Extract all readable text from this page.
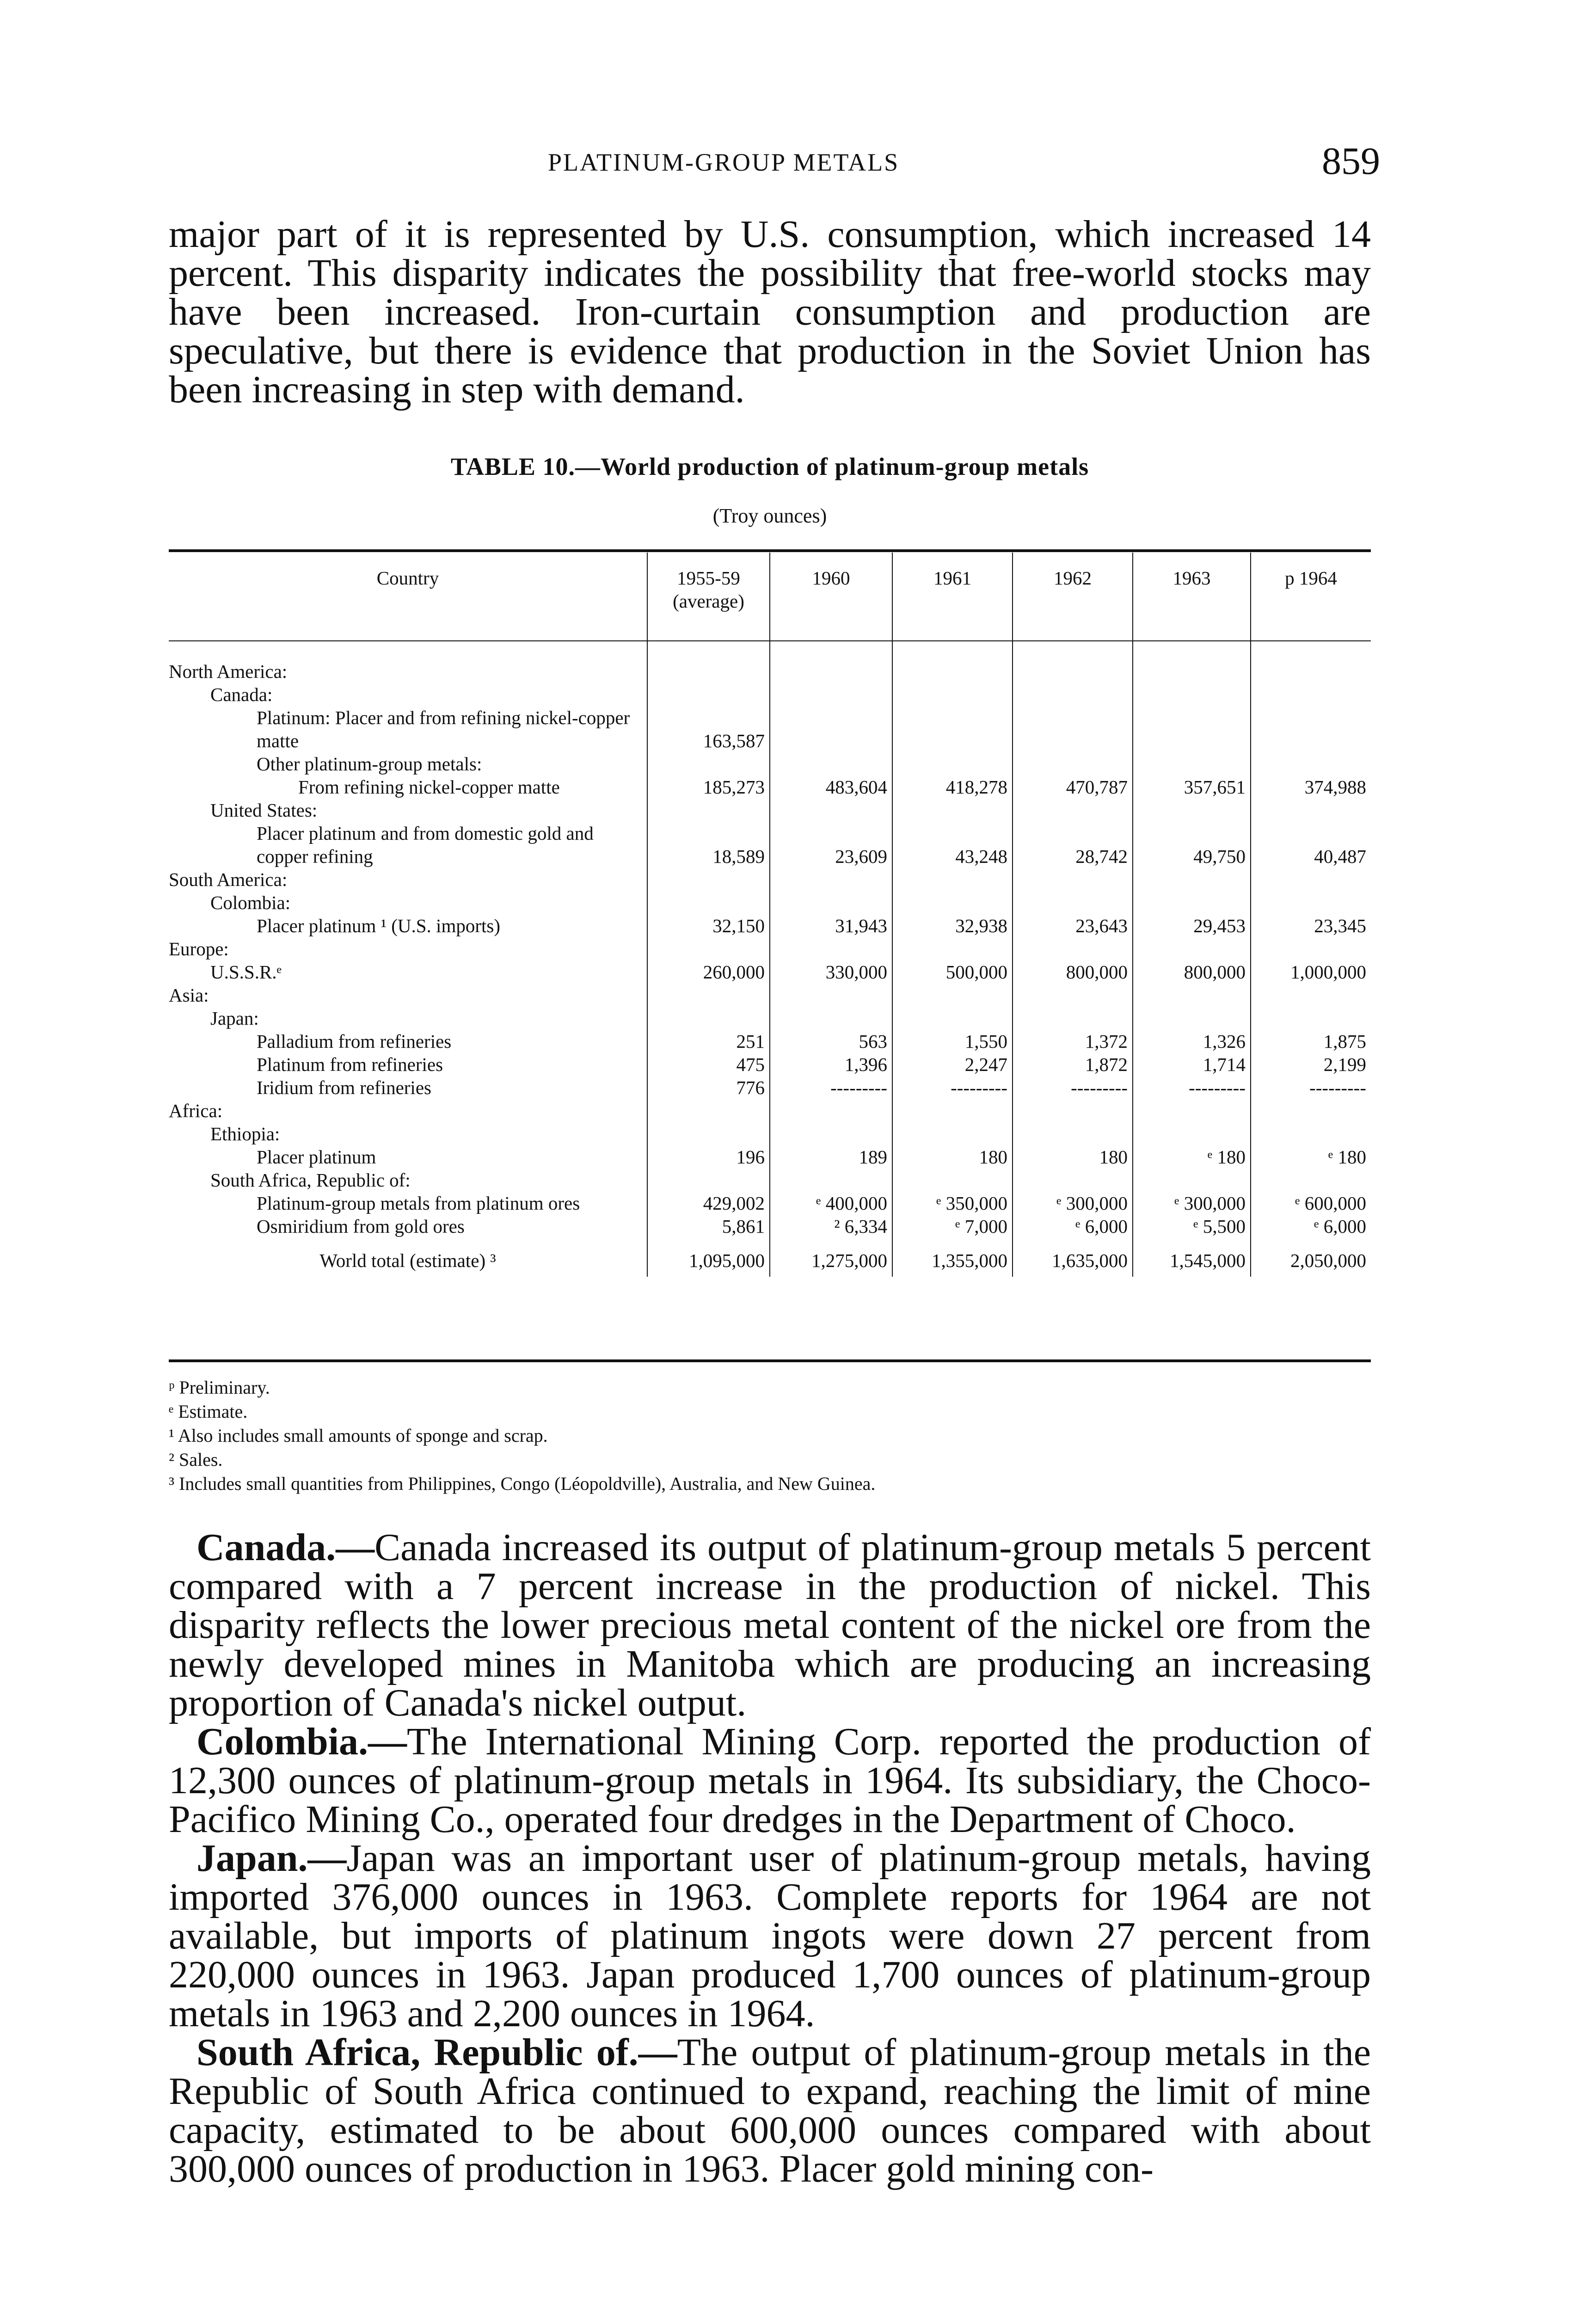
PLATINUM-GROUP METALS	859

major part of it is represented by U.S. consumption, which increased 14 percent. This disparity indicates the possibility that free-world stocks may have been increased. Iron-curtain consumption and production are speculative, but there is evidence that production in the Soviet Union has been increasing in step with demand.

TABLE 10.—World production of platinum-group metals
(Troy ounces)
Country	1955-59 (average)	1960	1961	1962	1963	p 1964

North America:						
Canada:						
Platinum: Placer and from refining nickel-copper matte	163,587					
Other platinum-group metals:						
From refining nickel-copper matte	185,273	483,604	418,278	470,787	357,651	374,988
United States:						
Placer platinum and from domestic gold and copper refining	18,589	23,609	43,248	28,742	49,750	40,487
South America:						
Colombia:						
Placer platinum ¹ (U.S. imports)	32,150	31,943	32,938	23,643	29,453	23,345
Europe:						
U.S.S.R.ᵉ	260,000	330,000	500,000	800,000	800,000	1,000,000
Asia:						
Japan:						
Palladium from refineries	251	563	1,550	1,372	1,326	1,875
Platinum from refineries	475	1,396	2,247	1,872	1,714	2,199
Iridium from refineries	776	---------	---------	---------	---------	---------
Africa:						
Ethiopia:						
Placer platinum	196	189	180	180	ᵉ 180	ᵉ 180
South Africa, Republic of:						
Platinum-group metals from platinum ores	429,002	ᵉ 400,000	ᵉ 350,000	ᵉ 300,000	ᵉ 300,000	ᵉ 600,000
Osmiridium from gold ores	5,861	² 6,334	ᵉ 7,000	ᵉ 6,000	ᵉ 5,500	ᵉ 6,000
World total (estimate) ³	1,095,000	1,275,000	1,355,000	1,635,000	1,545,000	2,050,000
ᵖ Preliminary.
ᵉ Estimate.
¹ Also includes small amounts of sponge and scrap.
² Sales.
³ Includes small quantities from Philippines, Congo (Léopoldville), Australia, and New Guinea.

Canada.—Canada increased its output of platinum-group metals 5 percent compared with a 7 percent increase in the production of nickel. This disparity reflects the lower precious metal content of the nickel ore from the newly developed mines in Manitoba which are producing an increasing proportion of Canada's nickel output.

Colombia.—The International Mining Corp. reported the production of 12,300 ounces of platinum-group metals in 1964. Its subsidiary, the Choco-Pacifico Mining Co., operated four dredges in the Department of Choco.

Japan.—Japan was an important user of platinum-group metals, having imported 376,000 ounces in 1963. Complete reports for 1964 are not available, but imports of platinum ingots were down 27 percent from 220,000 ounces in 1963. Japan produced 1,700 ounces of platinum-group metals in 1963 and 2,200 ounces in 1964.

South Africa, Republic of.—The output of platinum-group metals in the Republic of South Africa continued to expand, reaching the limit of mine capacity, estimated to be about 600,000 ounces compared with about 300,000 ounces of production in 1963. Placer gold mining con-
